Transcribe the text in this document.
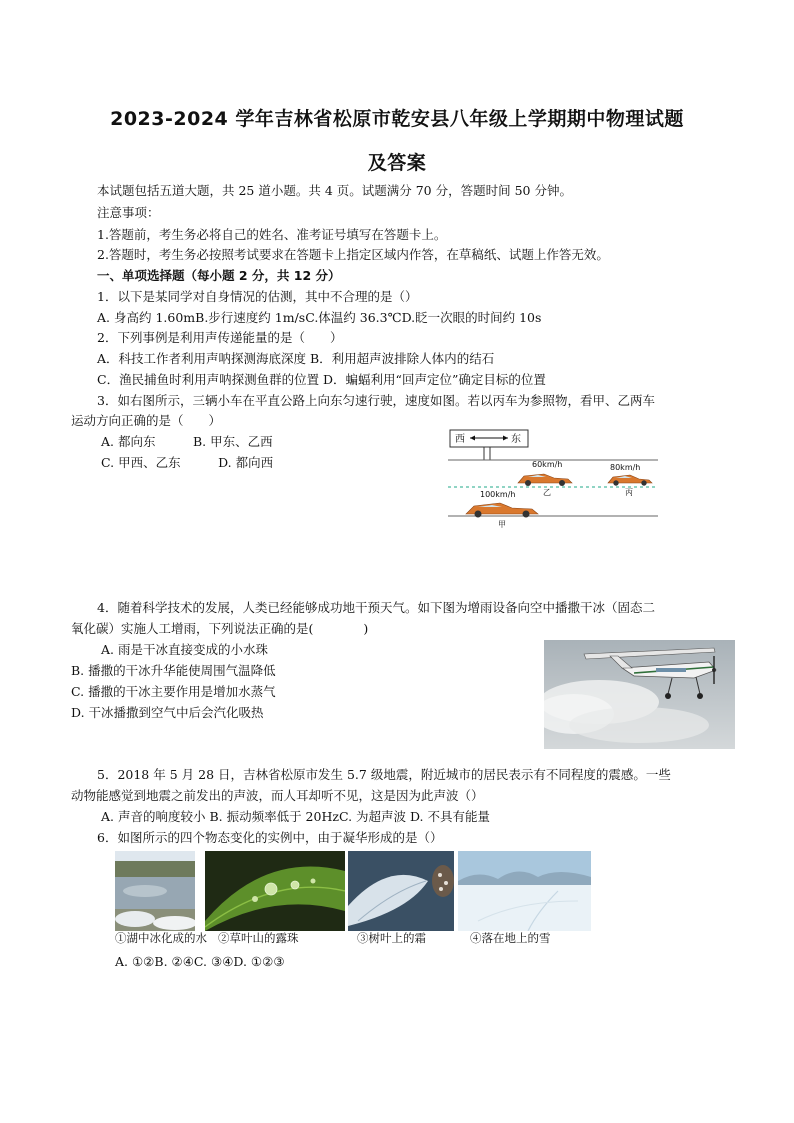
2023-2024 学年吉林省松原市乾安县八年级上学期期中物理试题
及答案
本试题包括五道大题，共 25 道小题。共 4 页。试题满分 70 分，答题时间 50 分钟。
注意事项：
1.答题前，考生务必将自己的姓名、准考证号填写在答题卡上。
2.答题时，考生务必按照考试要求在答题卡上指定区域内作答，在草稿纸、试题上作答无效。
一、单项选择题（每小题 2 分，共 12 分）
1．以下是某同学对自身情况的估测，其中不合理的是（）
A. 身高约 1.60mB.步行速度约 1m/sC.体温约 36.3℃D.眨一次眼的时间约 10s
2．下列事例是利用声传递能量的是（　　）
A．科技工作者利用声呐探测海底深度 B．利用超声波排除人体内的结石
C．渔民捕鱼时利用声呐探测鱼群的位置 D．蝙蝠利用“回声定位”确定目标的位置
3．如右图所示，三辆小车在平直公路上向东匀速行驶，速度如图。若以丙车为参照物，看甲、乙两车
运动方向正确的是（　　）
A. 都向东　　　B. 甲东、乙西
C. 甲西、乙东　　　D. 都向西
西	东
60km/h
乙
80km/h
丙
100km/h
甲
4．随着科学技术的发展，人类已经能够成功地干预天气。如下图为增雨设备向空中播撒干冰（固态二
氧化碳）实施人工增雨，下列说法正确的是(　　　　)
A. 雨是干冰直接变成的小水珠
B. 播撒的干冰升华能使周围气温降低
C. 播撒的干冰主要作用是增加水蒸气
D. 干冰播撒到空气中后会汽化吸热
5．2018 年 5 月 28 日，吉林省松原市发生 5.7 级地震，附近城市的居民表示有不同程度的震感。一些
动物能感觉到地震之前发出的声波，而人耳却听不见，这是因为此声波（）
A. 声音的响度较小 B. 振动频率低于 20HzC. 为超声波 D. 不具有能量
6．如图所示的四个物态变化的实例中，由于凝华形成的是（）
①湖中冰化成的水 ②草叶山的露珠	③树叶上的霜	④落在地上的雪
A. ①②B. ②④C. ③④D. ①②③
